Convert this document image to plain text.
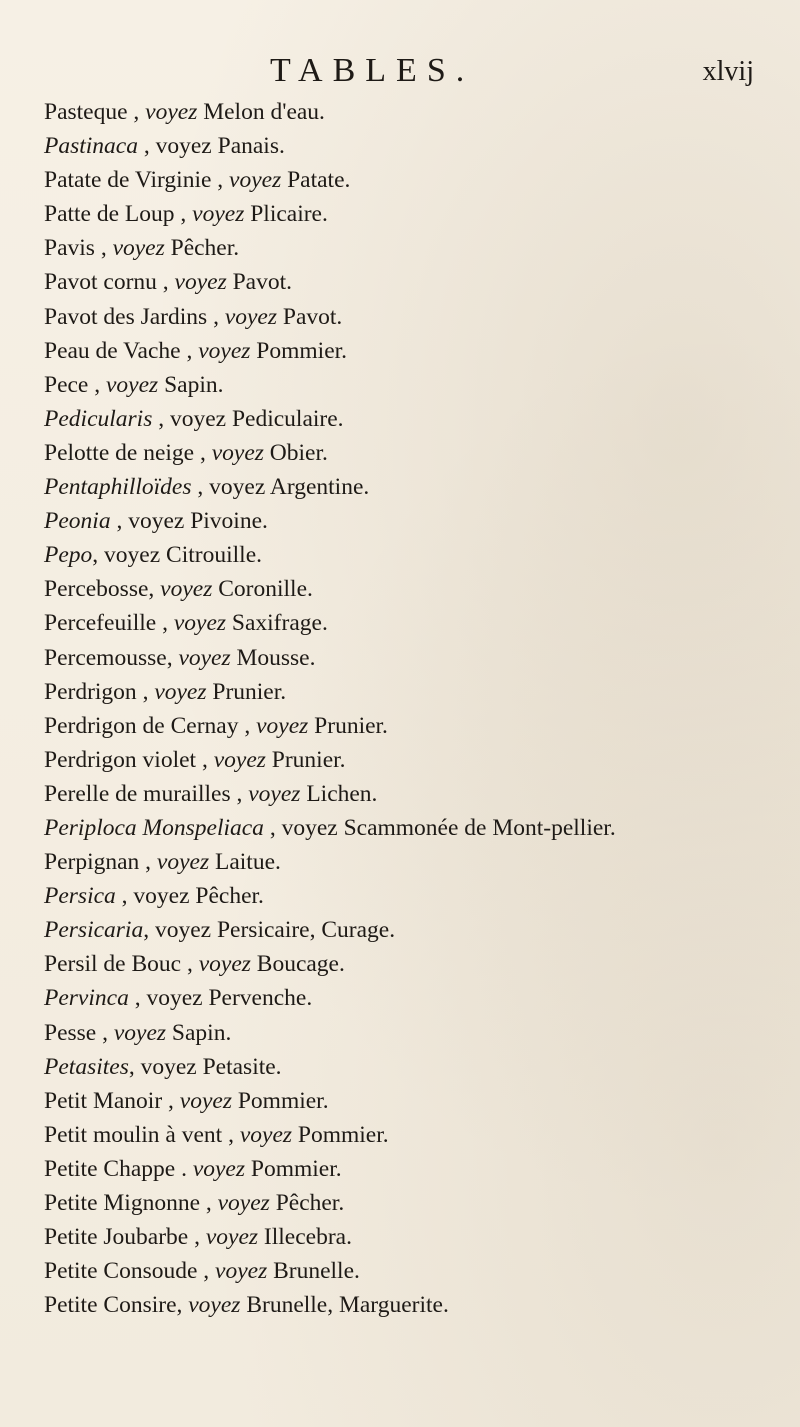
TABLES.	xlvij
Pasteque , voyez Melon d'eau.
Pastinaca , voyez Panais.
Patate de Virginie , voyez Patate.
Patte de Loup , voyez Plicaire.
Pavis , voyez Pêcher.
Pavot cornu , voyez Pavot.
Pavot des Jardins , voyez Pavot.
Peau de Vache , voyez Pommier.
Pece , voyez Sapin.
Pedicularis , voyez Pediculaire.
Pelotte de neige , voyez Obier.
Pentaphilloïdes , voyez Argentine.
Peonia , voyez Pivoine.
Pepo, voyez Citrouille.
Percebosse, voyez Coronille.
Percefeuille , voyez Saxifrage.
Percemousse, voyez Mousse.
Perdrigon , voyez Prunier.
Perdrigon de Cernay , voyez Prunier.
Perdrigon violet , voyez Prunier.
Perelle de murailles , voyez Lichen.
Periploca Monspeliaca , voyez Scammonée de Mont-pellier.
Perpignan , voyez Laitue.
Persica , voyez Pêcher.
Persicaria, voyez Persicaire, Curage.
Persil de Bouc , voyez Boucage.
Pervinca , voyez Pervenche.
Pesse , voyez Sapin.
Petasites, voyez Petasite.
Petit Manoir , voyez Pommier.
Petit moulin à vent , voyez Pommier.
Petite Chappe . voyez Pommier.
Petite Mignonne , voyez Pêcher.
Petite Joubarbe , voyez Illecebra.
Petite Consoude , voyez Brunelle.
Petite Consire, voyez Brunelle, Marguerite.
